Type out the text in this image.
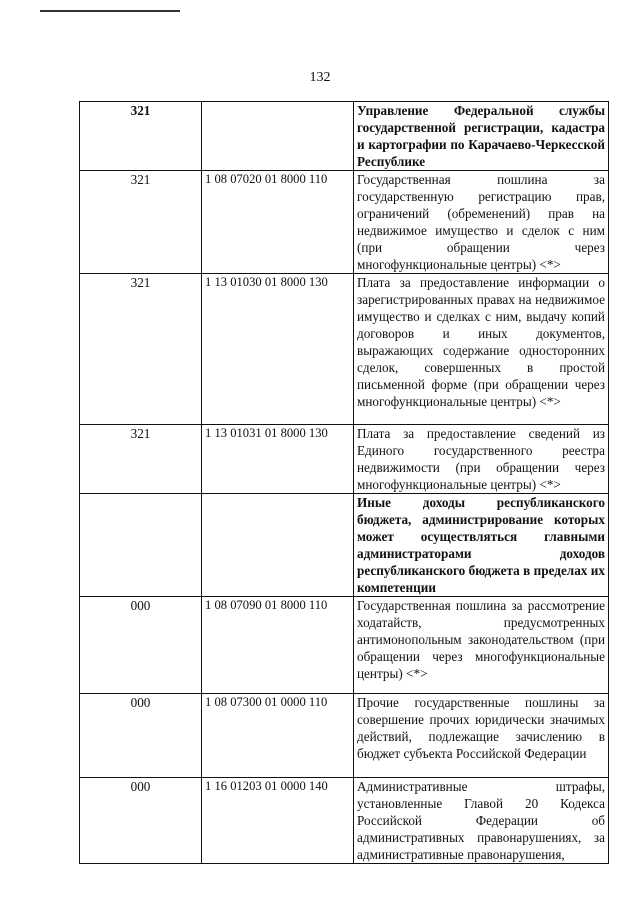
132
321		Управление Федеральной службы государственной регистрации, кадастра и картографии по Карачаево-Черкесской Республике
321	1 08 07020 01 8000 110	Государственная пошлина за государственную регистрацию прав, ограничений (обременений) прав на недвижимое имущество и сделок с ним (при обращении через многофункциональные центры) <*>
321	1 13 01030 01 8000 130	Плата за предоставление информации о зарегистрированных правах на недвижимое имущество и сделках с ним, выдачу копий договоров и иных документов, выражающих содержание односторонних сделок, совершенных в простой письменной форме (при обращении через многофункциональные центры) <*>
321	1 13 01031 01 8000 130	Плата за предоставление сведений из Единого государственного реестра недвижимости (при обращении через многофункциональные центры) <*>
		Иные доходы республиканского бюджета, администрирование которых может осуществляться главными администраторами доходов республиканского бюджета в пределах их компетенции
000	1 08 07090 01 8000 110	Государственная пошлина за рассмотрение ходатайств, предусмотренных антимонопольным законодательством (при обращении через многофункциональные центры) <*>
000	1 08 07300 01 0000 110	Прочие государственные пошлины за совершение прочих юридически значимых действий, подлежащие зачислению в бюджет субъекта Российской Федерации
000	1 16 01203 01 0000 140	Административные штрафы, установленные Главой 20 Кодекса Российской Федерации об административных правонарушениях, за административные правонарушения,
